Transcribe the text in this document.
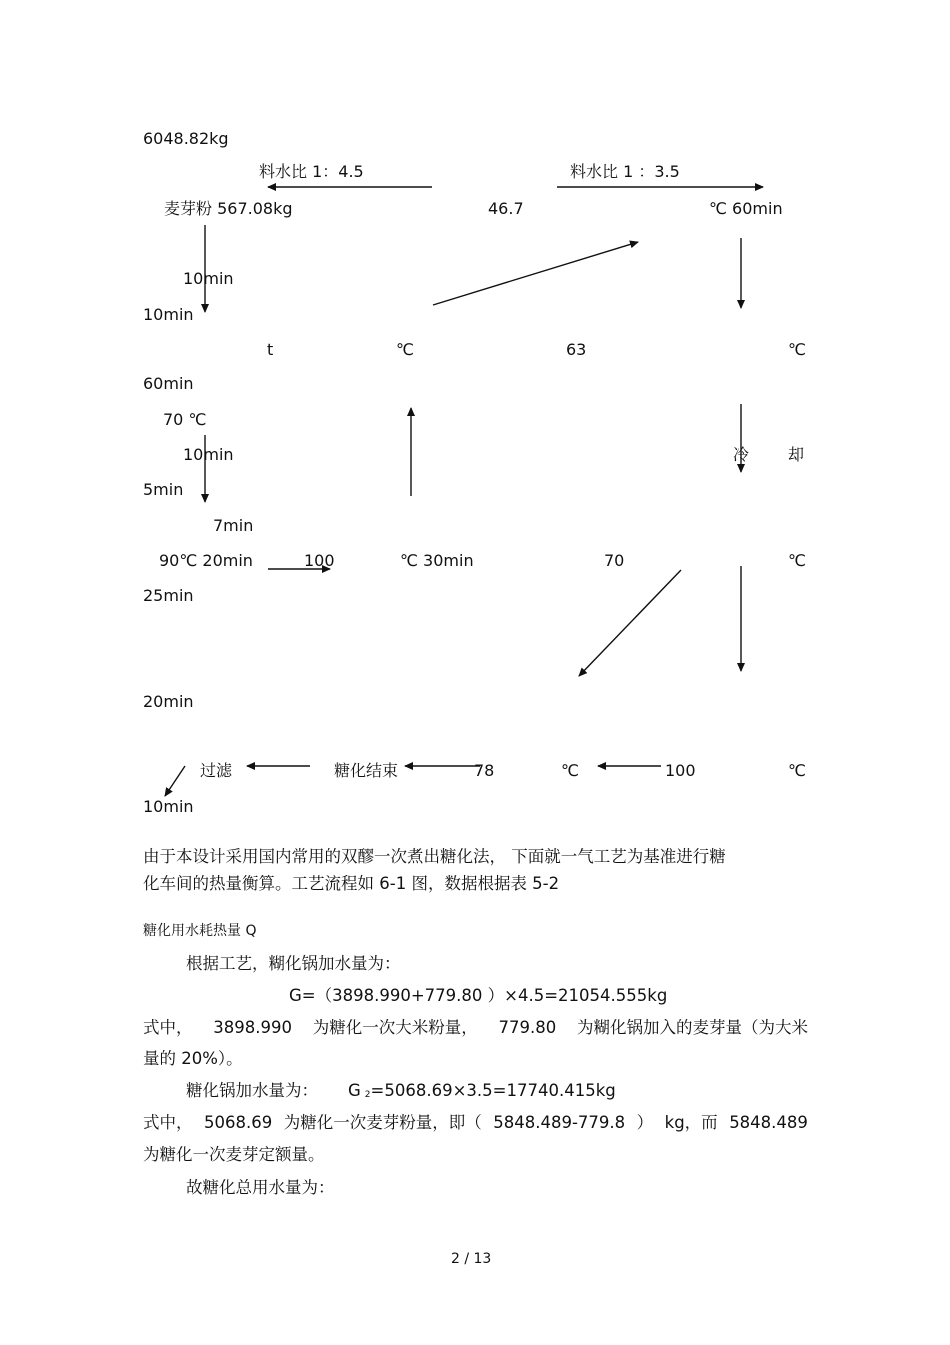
6048.82kg
料水比 1：4.5	料水比 1 ：3.5
麦芽粉 567.08kg	46.7	℃ 60min
10min
10min
t	℃	63	℃
60min
70 ℃
10min	冷 却
5min
7min
90℃ 20min	100	℃ 30min	70	℃
25min
20min
过滤	糖化结束	78	℃	100	℃
10min
由于本设计采用国内常用的双醪一次煮出糖化法， 下面就一气工艺为基准进行糖
化车间的热量衡算。工艺流程如 6-1 图，数据根据表 5-2
糖化用水耗热量 Q
根据工艺，糊化锅加水量为：
G=（3898.990+779.80 ）×4.5=21054.555kg
式中， 3898.990 为糖化一次大米粉量， 779.80 为糊化锅加入的麦芽量（为大米
量的 20%）。
糖化锅加水量为： G 2=5068.69×3.5=17740.415kg
式中， 5068.69 为糖化一次麦芽粉量，即（ 5848.489-779.8 ） kg，而 5848.489
为糖化一次麦芽定额量。
故糖化总用水量为：
2 / 13
